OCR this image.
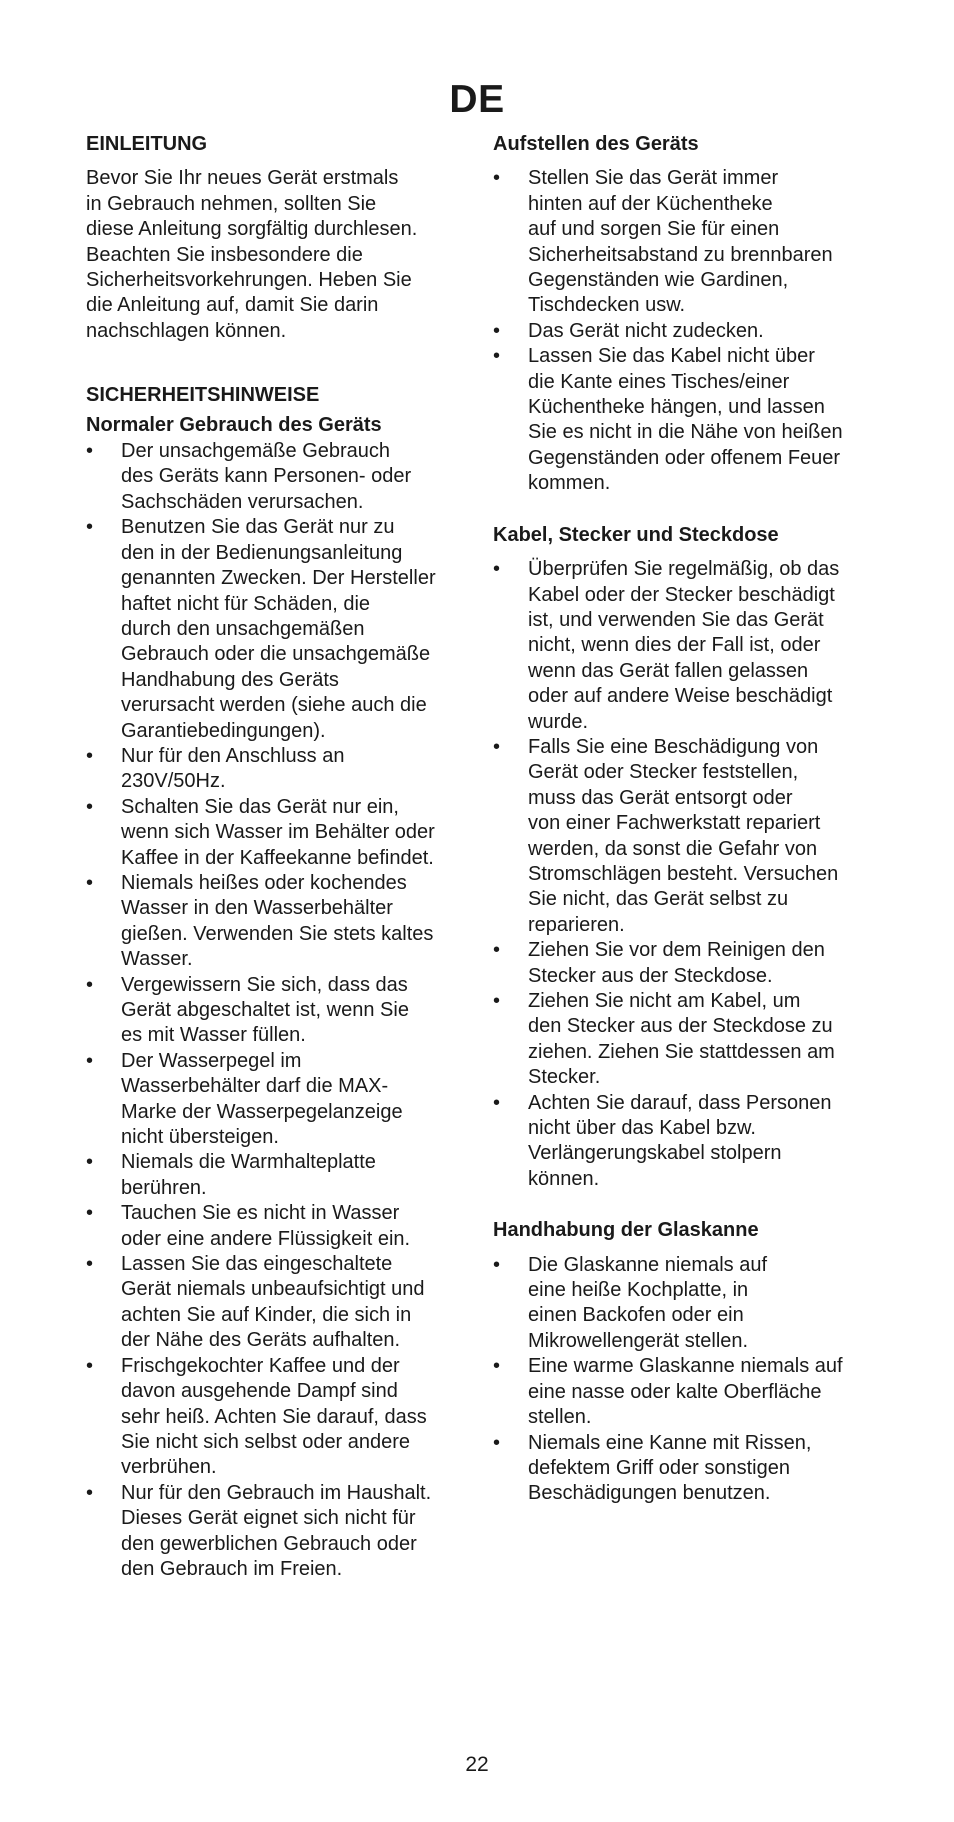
DE
EINLEITUNG
Bevor Sie Ihr neues Gerät erstmals
in Gebrauch nehmen, sollten Sie
diese Anleitung sorgfältig durchlesen.
Beachten Sie insbesondere die
Sicherheitsvorkehrungen. Heben Sie
die Anleitung auf, damit Sie darin
nachschlagen können.
SICHERHEITSHINWEISE
Normaler Gebrauch des Geräts
• Der unsachgemäße Gebrauch
des Geräts kann Personen- oder
Sachschäden verursachen.
• Benutzen Sie das Gerät nur zu
den in der Bedienungsanleitung
genannten Zwecken. Der Hersteller
haftet nicht für Schäden, die
durch den unsachgemäßen
Gebrauch oder die unsachgemäße
Handhabung des Geräts
verursacht werden (siehe auch die
Garantiebedingungen).
• Nur für den Anschluss an
230V/50Hz.
• Schalten Sie das Gerät nur ein,
wenn sich Wasser im Behälter oder
Kaffee in der Kaffeekanne befindet.
• Niemals heißes oder kochendes
Wasser in den Wasserbehälter
gießen. Verwenden Sie stets kaltes
Wasser.
• Vergewissern Sie sich, dass das
Gerät abgeschaltet ist, wenn Sie
es mit Wasser füllen.
• Der Wasserpegel im
Wasserbehälter darf die MAX-
Marke der Wasserpegelanzeige
nicht übersteigen.
• Niemals die Warmhalteplatte
berühren.
• Tauchen Sie es nicht in Wasser
oder eine andere Flüssigkeit ein.
• Lassen Sie das eingeschaltete
Gerät niemals unbeaufsichtigt und
achten Sie auf Kinder, die sich in
der Nähe des Geräts aufhalten.
• Frischgekochter Kaffee und der
davon ausgehende Dampf sind
sehr heiß. Achten Sie darauf, dass
Sie nicht sich selbst oder andere
verbrühen.
• Nur für den Gebrauch im Haushalt.
Dieses Gerät eignet sich nicht für
den gewerblichen Gebrauch oder
den Gebrauch im Freien.
Aufstellen des Geräts
• Stellen Sie das Gerät immer
hinten auf der Küchentheke
auf und sorgen Sie für einen
Sicherheitsabstand zu brennbaren
Gegenständen wie Gardinen,
Tischdecken usw.
• Das Gerät nicht zudecken.
• Lassen Sie das Kabel nicht über
die Kante eines Tisches/einer
Küchentheke hängen, und lassen
Sie es nicht in die Nähe von heißen
Gegenständen oder offenem Feuer
kommen.
Kabel, Stecker und Steckdose
• Überprüfen Sie regelmäßig, ob das
Kabel oder der Stecker beschädigt
ist, und verwenden Sie das Gerät
nicht, wenn dies der Fall ist, oder
wenn das Gerät fallen gelassen
oder auf andere Weise beschädigt
wurde.
• Falls Sie eine Beschädigung von
Gerät oder Stecker feststellen,
muss das Gerät entsorgt oder
von einer Fachwerkstatt repariert
werden, da sonst die Gefahr von
Stromschlägen besteht. Versuchen
Sie nicht, das Gerät selbst zu
reparieren.
• Ziehen Sie vor dem Reinigen den
Stecker aus der Steckdose.
• Ziehen Sie nicht am Kabel, um
den Stecker aus der Steckdose zu
ziehen. Ziehen Sie stattdessen am
Stecker.
• Achten Sie darauf, dass Personen
nicht über das Kabel bzw.
Verlängerungskabel stolpern
können.
Handhabung der Glaskanne
• Die Glaskanne niemals auf
eine heiße Kochplatte, in
einen Backofen oder ein
Mikrowellengerät stellen.
• Eine warme Glaskanne niemals auf
eine nasse oder kalte Oberfläche
stellen.
• Niemals eine Kanne mit Rissen,
defektem Griff oder sonstigen
Beschädigungen benutzen.

22
